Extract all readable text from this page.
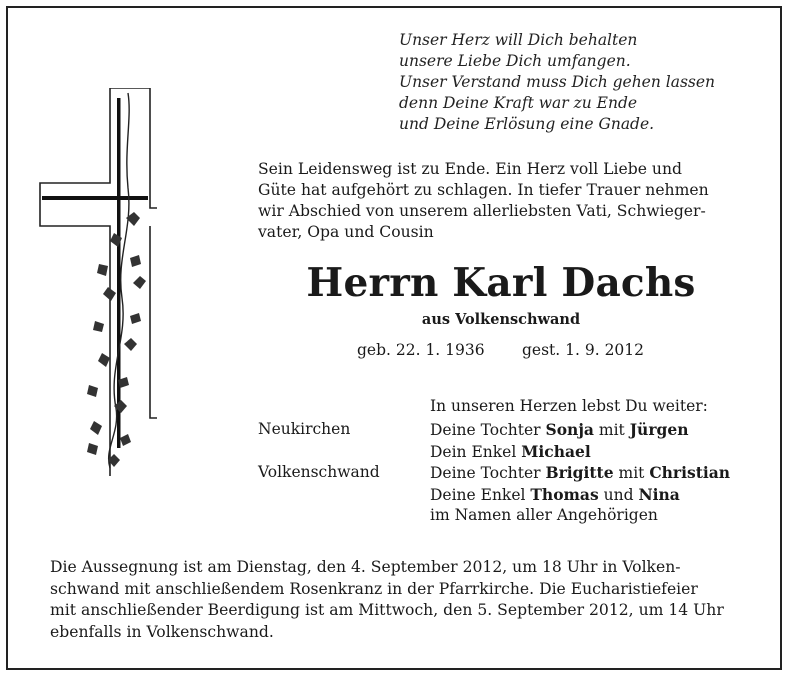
Unser Herz will Dich behalten
unsere Liebe Dich umfangen.
Unser Verstand muss Dich gehen lassen
denn Deine Kraft war zu Ende
und Deine Erlösung eine Gnade.
Sein Leidensweg ist zu Ende. Ein Herz voll Liebe und
Güte hat aufgehört zu schlagen. In tiefer Trauer nehmen
wir Abschied von unserem allerliebsten Vati, Schwieger-
vater, Opa und Cousin
Herrn Karl Dachs
aus Volkenschwand
geb. 22. 1. 1936 gest. 1. 9. 2012
In unseren Herzen lebst Du weiter:
Neukirchen	Deine Tochter Sonja mit Jürgen
Dein Enkel Michael
Volkenschwand	Deine Tochter Brigitte mit Christian
Deine Enkel Thomas und Nina
im Namen aller Angehörigen
Die Aussegnung ist am Dienstag, den 4. September 2012, um 18 Uhr in Volken-
schwand mit anschließendem Rosenkranz in der Pfarrkirche. Die Eucharistiefeier
mit anschließender Beerdigung ist am Mittwoch, den 5. September 2012, um 14 Uhr
ebenfalls in Volkenschwand.
